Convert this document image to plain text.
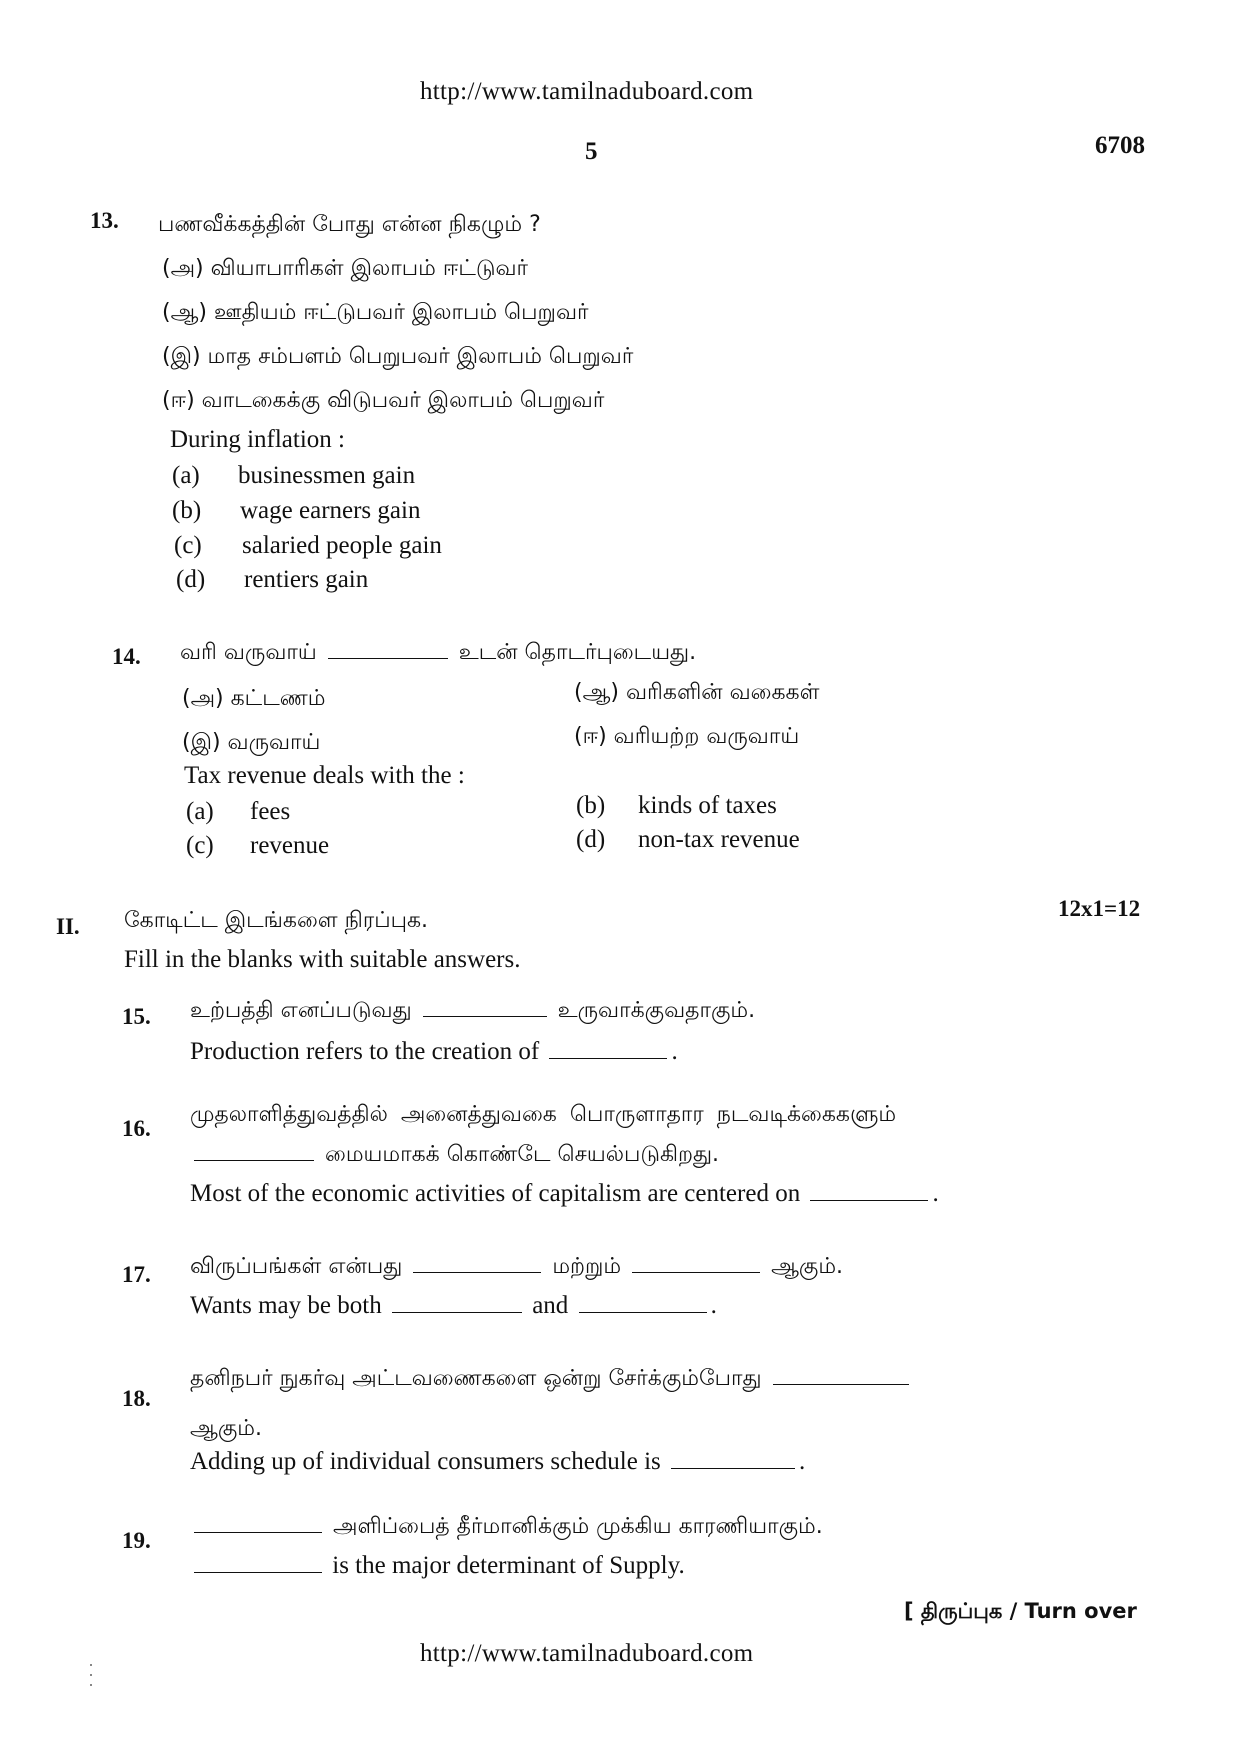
http://www.tamilnaduboard.com
5	6708
13. பணவீக்கத்தின் போது என்ன நிகழும் ?
(அ) வியாபாரிகள் இலாபம் ஈட்டுவர்
(ஆ) ஊதியம் ஈட்டுபவர் இலாபம் பெறுவர்
(இ) மாத சம்பளம் பெறுபவர் இலாபம் பெறுவர்
(ஈ) வாடகைக்கு விடுபவர் இலாபம் பெறுவர்
During inflation :
(a) businessmen gain
(b) wage earners gain
(c) salaried people gain
(d) rentiers gain
14. வரி வருவாய்	உடன் தொடர்புடையது.
(அ) கட்டணம்	(ஆ) வரிகளின் வகைகள்
(இ) வருவாய்	(ஈ) வரியற்ற வருவாய்
Tax revenue deals with the :
(a) fees	(b) kinds of taxes
(c) revenue	(d) non-tax revenue
II. கோடிட்ட இடங்களை நிரப்புக.
Fill in the blanks with suitable answers.
12x1=12
15. உற்பத்தி எனப்படுவது	உருவாக்குவதாகும்.
Production refers to the creation of	.
16.
முதலாளித்துவத்தில் அனைத்துவகை பொருளாதார நடவடிக்கைகளும்
மையமாகக் கொண்டே செயல்படுகிறது.
Most of the economic activities of capitalism are centered on	.
17. விருப்பங்கள் என்பது	மற்றும்	ஆகும்.
Wants may be both	and	.
18.
தனிநபர் நுகர்வு அட்டவணைகளை ஒன்று சேர்க்கும்போது
ஆகும்.
Adding up of individual consumers schedule is	.
19.
அளிப்பைத் தீர்மானிக்கும் முக்கிய காரணியாகும்.
is the major determinant of Supply.
[ திருப்புக / Turn over
http://www.tamilnaduboard.com
